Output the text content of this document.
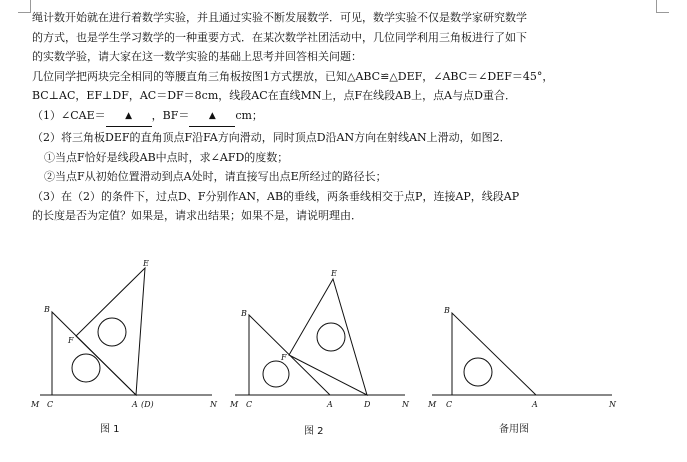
绳计数开始就在进行着数学实验，并且通过实验不断发展数学．可见，数学实验不仅是数学家研究数学
的方式，也是学生学习数学的一种重要方式．在某次数学社团活动中，几位同学利用三角板进行了如下
的实数学验，请大家在这一数学实验的基础上思考并回答相关问题：
几位同学把两块完全相同的等腰直角三角板按图1方式摆放，已知△ABC≌△DEF，∠ABC＝∠DEF＝45°，
BC⊥AC，EF⊥DF，AC＝DF＝8cm，线段AC在直线MN上，点F在线段AB上，点A与点D重合．
（1）∠CAE＝ ▲ ，BF＝ ▲ cm；
（2）将三角板DEF的直角顶点F沿FA方向滑动，同时顶点D沿AN方向在射线AN上滑动，如图2．
①当点F恰好是线段AB中点时，求∠AFD的度数；
②当点F从初始位置滑动到点A处时，请直接写出点E所经过的路径长；
（3）在（2）的条件下，过点D、F分别作AN，AB的垂线，两条垂线相交于点P，连接AP，线段AP
的长度是否为定值？如果是，请求出结果；如果不是，请说明理由．
E
B
F
M C	A (D)	N
E
B
F
M C	A	D	N
B
M C	A	N
图 1	图 2	备用图
